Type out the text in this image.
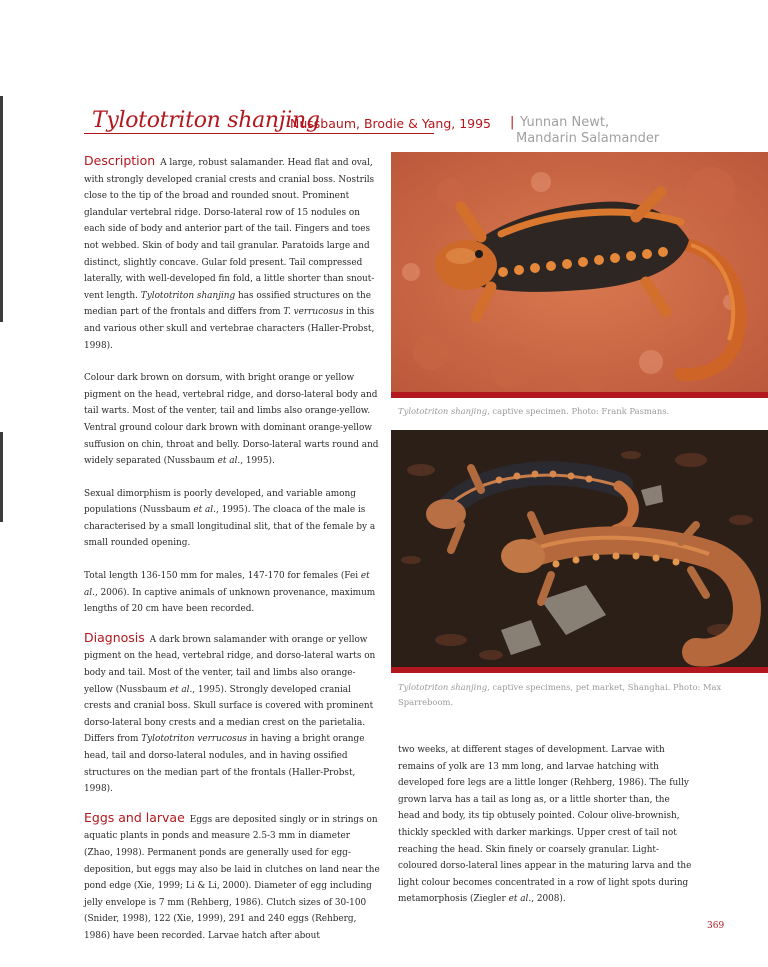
Tylototriton shanjing
Nussbaum, Brodie & Yang, 1995 | Yunnan Newt,
Mandarin Salamander

Description A large, robust salamander. Head flat and oval, with strongly developed cranial crests and cranial boss. Nostrils close to the tip of the broad and rounded snout. Prominent glandular vertebral ridge. Dorso-lateral row of 15 nodules on each side of body and anterior part of the tail. Fingers and toes not webbed. Skin of body and tail granular. Paratoids large and distinct, slightly concave. Gular fold present. Tail compressed laterally, with well-developed fin fold, a little shorter than snout-vent length. Tylototriton shanjing has ossified structures on the median part of the frontals and differs from T. verrucosus in this and various other skull and vertebrae characters (Haller-Probst, 1998).

Colour dark brown on dorsum, with bright orange or yellow pigment on the head, vertebral ridge, and dorso-lateral body and tail warts. Most of the venter, tail and limbs also orange-yellow. Ventral ground colour dark brown with dominant orange-yellow suffusion on chin, throat and belly. Dorso-lateral warts round and widely separated (Nussbaum et al., 1995).

Sexual dimorphism is poorly developed, and variable among populations (Nussbaum et al., 1995). The cloaca of the male is characterised by a small longitudinal slit, that of the female by a small rounded opening.

Total length 136-150 mm for males, 147-170 for females (Fei et al., 2006). In captive animals of unknown provenance, maximum lengths of 20 cm have been recorded.

Diagnosis A dark brown salamander with orange or yellow pigment on the head, vertebral ridge, and dorso-lateral warts on body and tail. Most of the venter, tail and limbs also orange-yellow (Nussbaum et al., 1995). Strongly developed cranial crests and cranial boss. Skull surface is covered with prominent dorso-lateral bony crests and a median crest on the parietalia. Differs from Tylototriton verrucosus in having a bright orange head, tail and dorso-lateral nodules, and in having ossified structures on the median part of the frontals (Haller-Probst, 1998).

Eggs and larvae Eggs are deposited singly or in strings on aquatic plants in ponds and measure 2.5-3 mm in diameter (Zhao, 1998). Permanent ponds are generally used for egg-deposition, but eggs may also be laid in clutches on land near the pond edge (Xie, 1999; Li & Li, 2000). Diameter of egg including jelly envelope is 7 mm (Rehberg, 1986). Clutch sizes of 30-100 (Snider, 1998), 122 (Xie, 1999), 291 and 240 eggs (Rehberg, 1986) have been recorded. Larvae hatch after about

Tylototriton shanjing, captive specimen. Photo: Frank Pasmans.
Tylototriton shanjing, captive specimens, pet market, Shanghai. Photo: Max Sparreboom.

two weeks, at different stages of development. Larvae with remains of yolk are 13 mm long, and larvae hatching with developed fore legs are a little longer (Rehberg, 1986). The fully grown larva has a tail as long as, or a little shorter than, the head and body, its tip obtusely pointed. Colour olive-brownish, thickly speckled with darker markings. Upper crest of tail not reaching the head. Skin finely or coarsely granular. Light-coloured dorso-lateral lines appear in the maturing larva and the light colour becomes concentrated in a row of light spots during metamorphosis (Ziegler et al., 2008).

369
